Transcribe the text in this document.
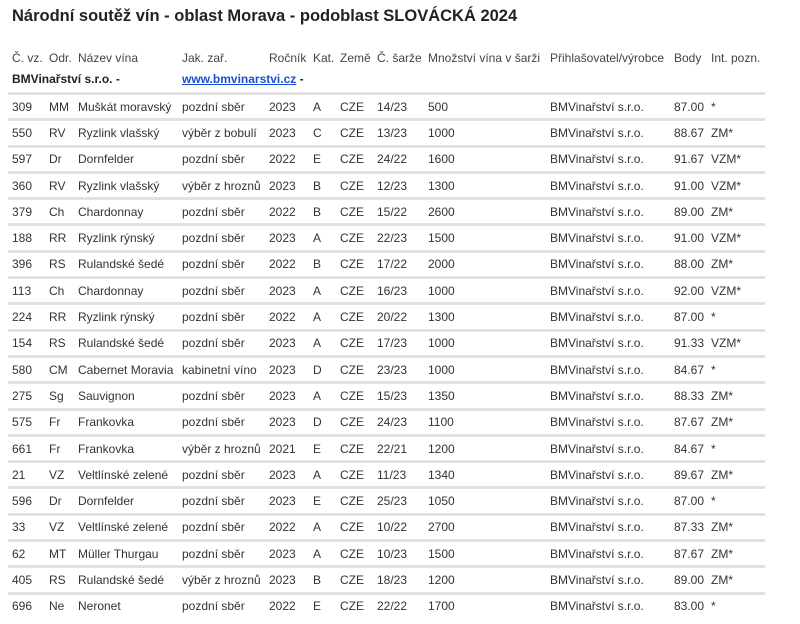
Národní soutěž vín - oblast Morava - podoblast SLOVÁCKÁ 2024
Č. vz.	Odr.	Název vína	Jak. zař.	Ročník	Kat.	Země	Č. šarže	Množství vína v šarži	Přihlašovatel/výrobce	Body	Int. pozn.
BMVinařství s.r.o. -			www.bmvinarstvi.cz -								

309	MM	Muškát moravský	pozdní sběr	2023	A	CZE	14/23	500	BMVinařství s.r.o.	87.00	*
550	RV	Ryzlink vlašský	výběr z bobulí	2023	C	CZE	13/23	1000	BMVinařství s.r.o.	88.67	ZM*
597	Dr	Dornfelder	pozdní sběr	2022	E	CZE	24/22	1600	BMVinařství s.r.o.	91.67	VZM*
360	RV	Ryzlink vlašský	výběr z hroznů	2023	B	CZE	12/23	1300	BMVinařství s.r.o.	91.00	VZM*
379	Ch	Chardonnay	pozdní sběr	2022	B	CZE	15/22	2600	BMVinařství s.r.o.	89.00	ZM*
188	RR	Ryzlink rýnský	pozdní sběr	2023	A	CZE	22/23	1500	BMVinařství s.r.o.	91.00	VZM*
396	RS	Rulandské šedé	pozdní sběr	2022	B	CZE	17/22	2000	BMVinařství s.r.o.	88.00	ZM*
113	Ch	Chardonnay	pozdní sběr	2023	A	CZE	16/23	1000	BMVinařství s.r.o.	92.00	VZM*
224	RR	Ryzlink rýnský	pozdní sběr	2022	A	CZE	20/22	1300	BMVinařství s.r.o.	87.00	*
154	RS	Rulandské šedé	pozdní sběr	2023	A	CZE	17/23	1000	BMVinařství s.r.o.	91.33	VZM*
580	CM	Cabernet Moravia	kabinetní víno	2023	D	CZE	23/23	1000	BMVinařství s.r.o.	84.67	*
275	Sg	Sauvignon	pozdní sběr	2023	A	CZE	15/23	1350	BMVinařství s.r.o.	88.33	ZM*
575	Fr	Frankovka	pozdní sběr	2023	D	CZE	24/23	1100	BMVinařství s.r.o.	87.67	ZM*
661	Fr	Frankovka	výběr z hroznů	2021	E	CZE	22/21	1200	BMVinařství s.r.o.	84.67	*
21	VZ	Veltlínské zelené	pozdní sběr	2023	A	CZE	11/23	1340	BMVinařství s.r.o.	89.67	ZM*
596	Dr	Dornfelder	pozdní sběr	2023	E	CZE	25/23	1050	BMVinařství s.r.o.	87.00	*
33	VZ	Veltlínské zelené	pozdní sběr	2022	A	CZE	10/22	2700	BMVinařství s.r.o.	87.33	ZM*
62	MT	Müller Thurgau	pozdní sběr	2023	A	CZE	10/23	1500	BMVinařství s.r.o.	87.67	ZM*
405	RS	Rulandské šedé	výběr z hroznů	2023	B	CZE	18/23	1200	BMVinařství s.r.o.	89.00	ZM*
696	Ne	Neronet	pozdní sběr	2022	E	CZE	22/22	1700	BMVinařství s.r.o.	83.00	*
